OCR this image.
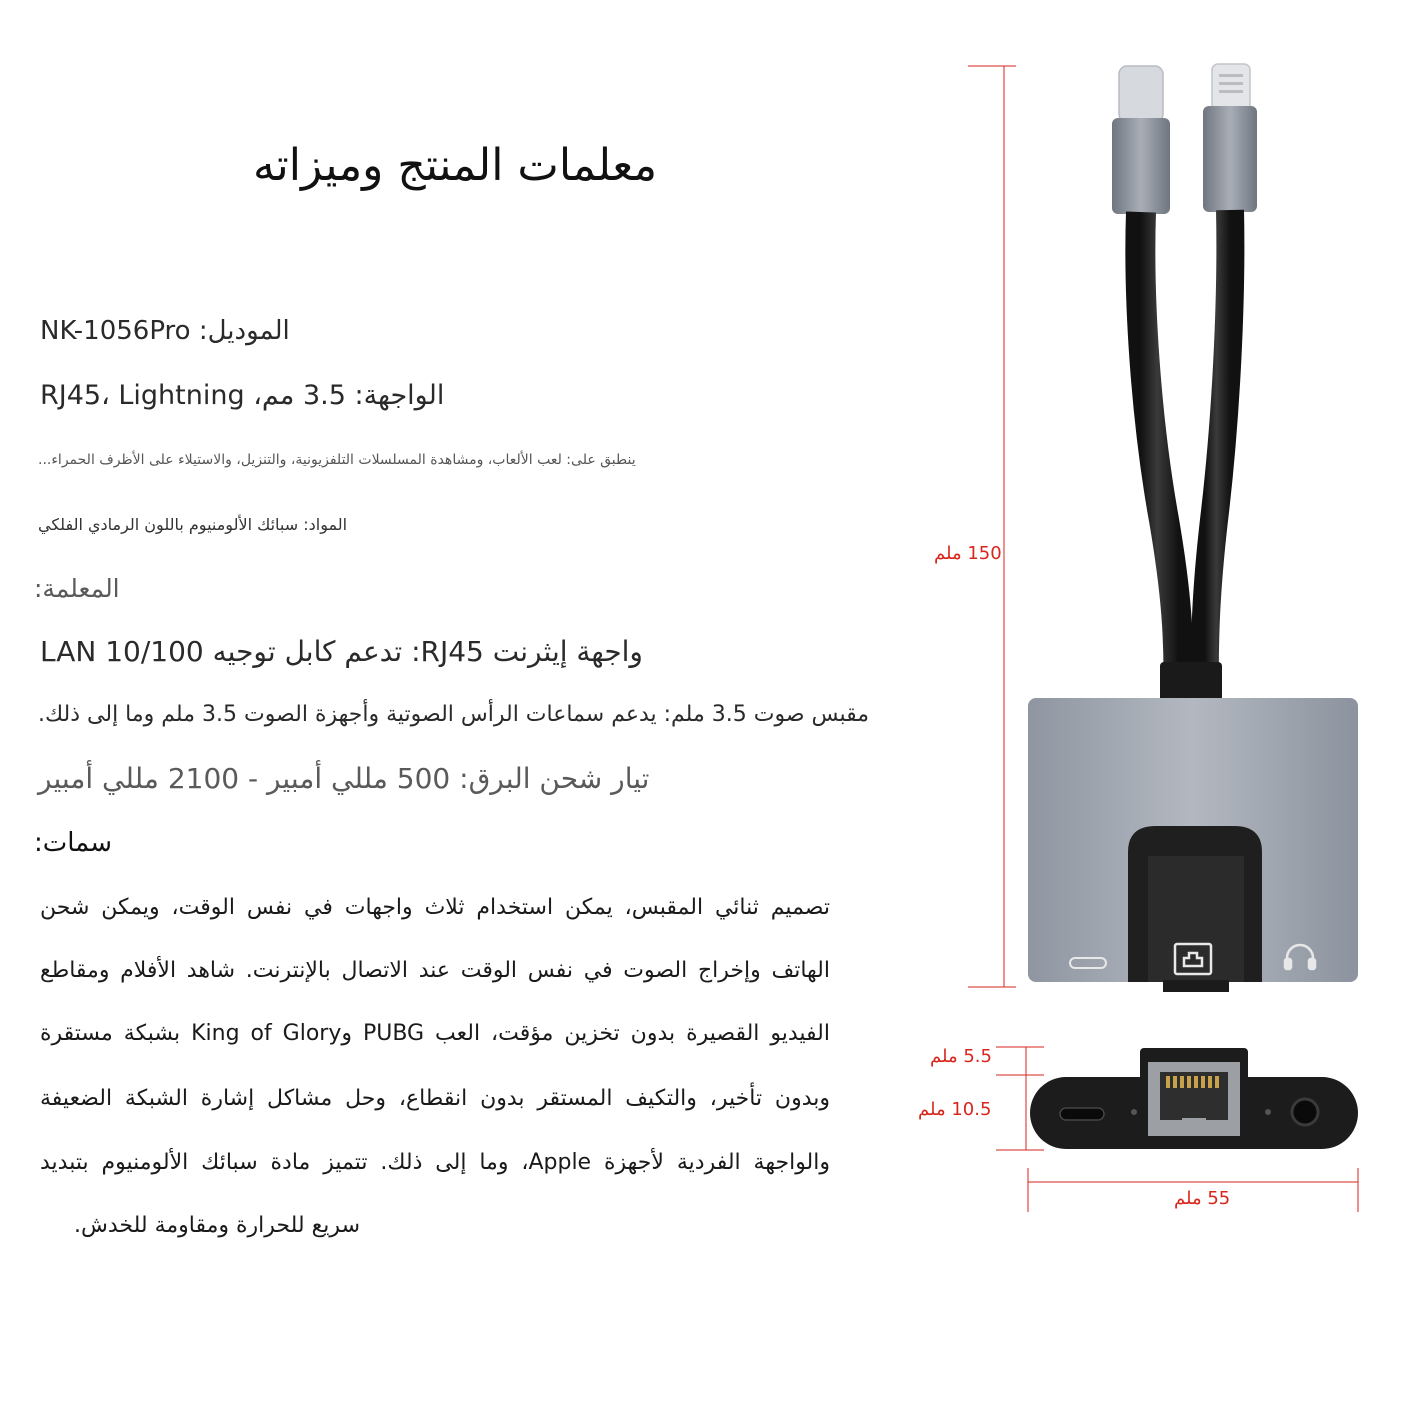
معلمات المنتج وميزاته
الموديل: NK-1056Pro
الواجهة: 3.5 مم، RJ45، Lightning
ينطبق على: لعب الألعاب، ومشاهدة المسلسلات التلفزيونية، والتنزيل، والاستيلاء على الأظرف الحمراء...
المواد: سبائك الألومنيوم باللون الرمادي الفلكي
المعلمة:
واجهة إيثرنت RJ45: تدعم كابل توجيه LAN 10/100
مقبس صوت 3.5 ملم: يدعم سماعات الرأس الصوتية وأجهزة الصوت 3.5 ملم وما إلى ذلك.
تيار شحن البرق: 500 مللي أمبير - 2100 مللي أمبير
سمات:
تصميم ثنائي المقبس، يمكن استخدام ثلاث واجهات في نفس الوقت، ويمكن شحن
الهاتف وإخراج الصوت في نفس الوقت عند الاتصال بالإنترنت. شاهد الأفلام ومقاطع
الفيديو القصيرة بدون تخزين مؤقت، العب PUBG وKing of Glory بشبكة مستقرة
وبدون تأخير، والتكيف المستقر بدون انقطاع، وحل مشاكل إشارة الشبكة الضعيفة
والواجهة الفردية لأجهزة Apple، وما إلى ذلك. تتميز مادة سبائك الألومنيوم بتبديد
سريع للحرارة ومقاومة للخدش.
150 ملم
5.5 ملم
10.5 ملم
55 ملم
